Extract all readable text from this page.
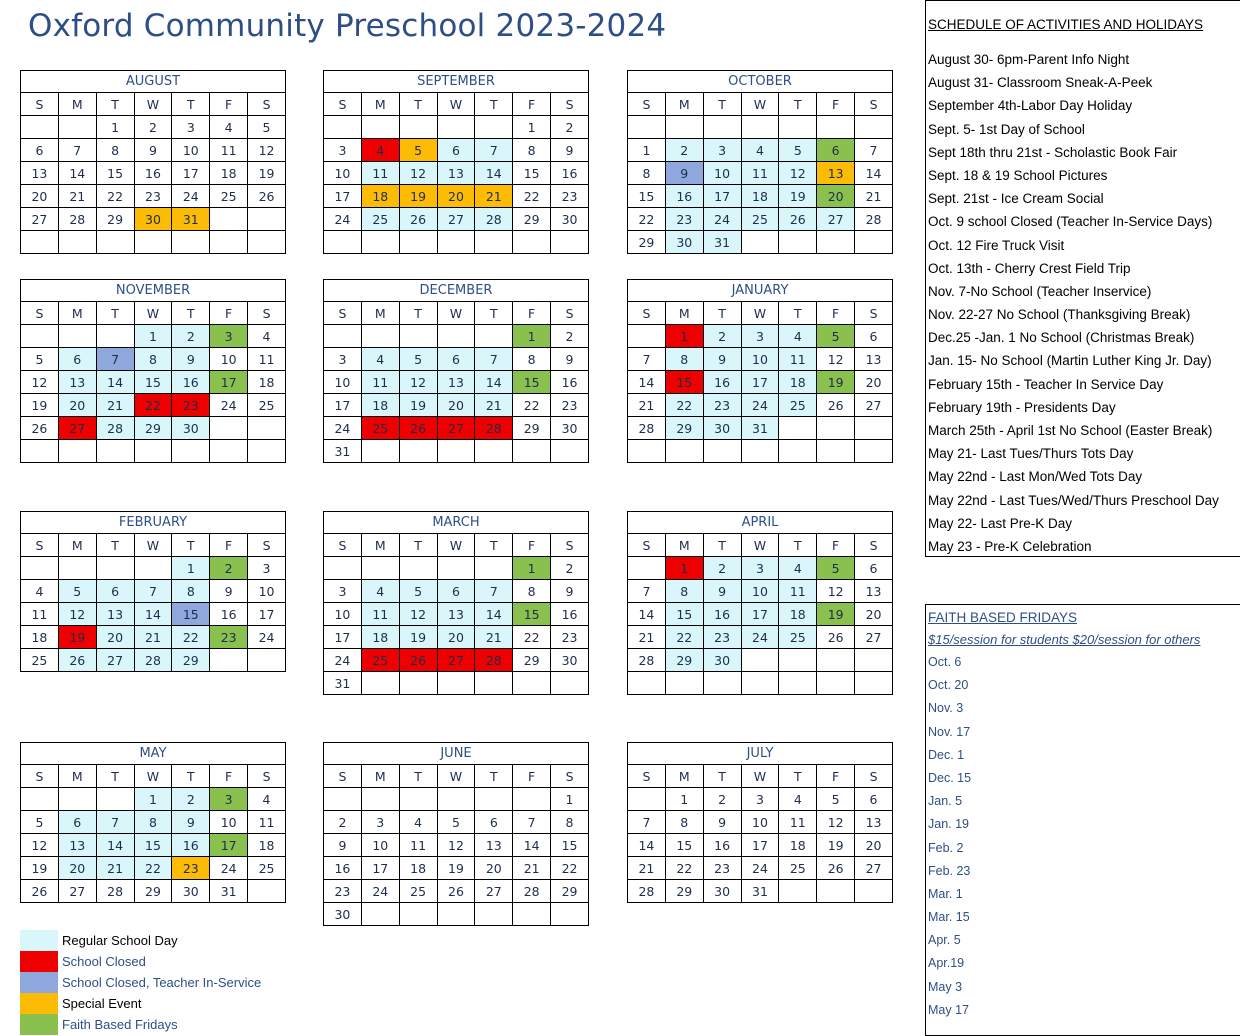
Oxford Community Preschool 2023-2024
AUGUST						
S	M	T	W	T	F	S
		1	2	3	4	5
6	7	8	9	10	11	12
13	14	15	16	17	18	19
20	21	22	23	24	25	26
27	28	29	30	31		

SEPTEMBER						
S	M	T	W	T	F	S
					1	2
3	4	5	6	7	8	9
10	11	12	13	14	15	16
17	18	19	20	21	22	23
24	25	26	27	28	29	30

OCTOBER						
S	M	T	W	T	F	S

1	2	3	4	5	6	7
8	9	10	11	12	13	14
15	16	17	18	19	20	21
22	23	24	25	26	27	28
29	30	31				
NOVEMBER						
S	M	T	W	T	F	S
			1	2	3	4
5	6	7	8	9	10	11
12	13	14	15	16	17	18
19	20	21	22	23	24	25
26	27	28	29	30		

DECEMBER						
S	M	T	W	T	F	S
					1	2
3	4	5	6	7	8	9
10	11	12	13	14	15	16
17	18	19	20	21	22	23
24	25	26	27	28	29	30
31						
JANUARY						
S	M	T	W	T	F	S
	1	2	3	4	5	6
7	8	9	10	11	12	13
14	15	16	17	18	19	20
21	22	23	24	25	26	27
28	29	30	31			

FEBRUARY						
S	M	T	W	T	F	S
				1	2	3
4	5	6	7	8	9	10
11	12	13	14	15	16	17
18	19	20	21	22	23	24
25	26	27	28	29		
MARCH						
S	M	T	W	T	F	S
					1	2
3	4	5	6	7	8	9
10	11	12	13	14	15	16
17	18	19	20	21	22	23
24	25	26	27	28	29	30
31						
APRIL						
S	M	T	W	T	F	S
	1	2	3	4	5	6
7	8	9	10	11	12	13
14	15	16	17	18	19	20
21	22	23	24	25	26	27
28	29	30				

MAY						
S	M	T	W	T	F	S
			1	2	3	4
5	6	7	8	9	10	11
12	13	14	15	16	17	18
19	20	21	22	23	24	25
26	27	28	29	30	31	
JUNE						
S	M	T	W	T	F	S
						1
2	3	4	5	6	7	8
9	10	11	12	13	14	15
16	17	18	19	20	21	22
23	24	25	26	27	28	29
30						
JULY						
S	M	T	W	T	F	S
	1	2	3	4	5	6
7	8	9	10	11	12	13
14	15	16	17	18	19	20
21	22	23	24	25	26	27
28	29	30	31			
SCHEDULE OF ACTIVITIES AND HOLIDAYS
August 30- 6pm-Parent Info Night
August 31- Classroom Sneak-A-Peek
September 4th-Labor Day Holiday
Sept. 5- 1st Day of School
Sept 18th thru 21st - Scholastic Book Fair
Sept. 18 & 19 School Pictures
Sept. 21st - Ice Cream Social
Oct. 9 school Closed (Teacher In-Service Days)
Oct. 12 Fire Truck Visit
Oct. 13th - Cherry Crest Field Trip
Nov. 7-No School (Teacher Inservice)
Nov. 22-27 No School (Thanksgiving Break)
Dec.25 -Jan. 1 No School (Christmas Break)
Jan. 15- No School (Martin Luther King Jr. Day)
February 15th - Teacher In Service Day
February 19th - Presidents Day
March 25th - April 1st No School (Easter Break)
May 21- Last Tues/Thurs Tots Day
May 22nd - Last Mon/Wed Tots Day
May 22nd - Last Tues/Wed/Thurs Preschool Day
May 22- Last Pre-K Day
May 23 - Pre-K Celebration
FAITH BASED FRIDAYS
$15/session for students $20/session for others
Oct. 6
Oct. 20
Nov. 3
Nov. 17
Dec. 1
Dec. 15
Jan. 5
Jan. 19
Feb. 2
Feb. 23
Mar. 1
Mar. 15
Apr. 5
Apr.19
May 3
May 17
Regular School Day
School Closed
School Closed, Teacher In-Service
Special Event
Faith Based Fridays
